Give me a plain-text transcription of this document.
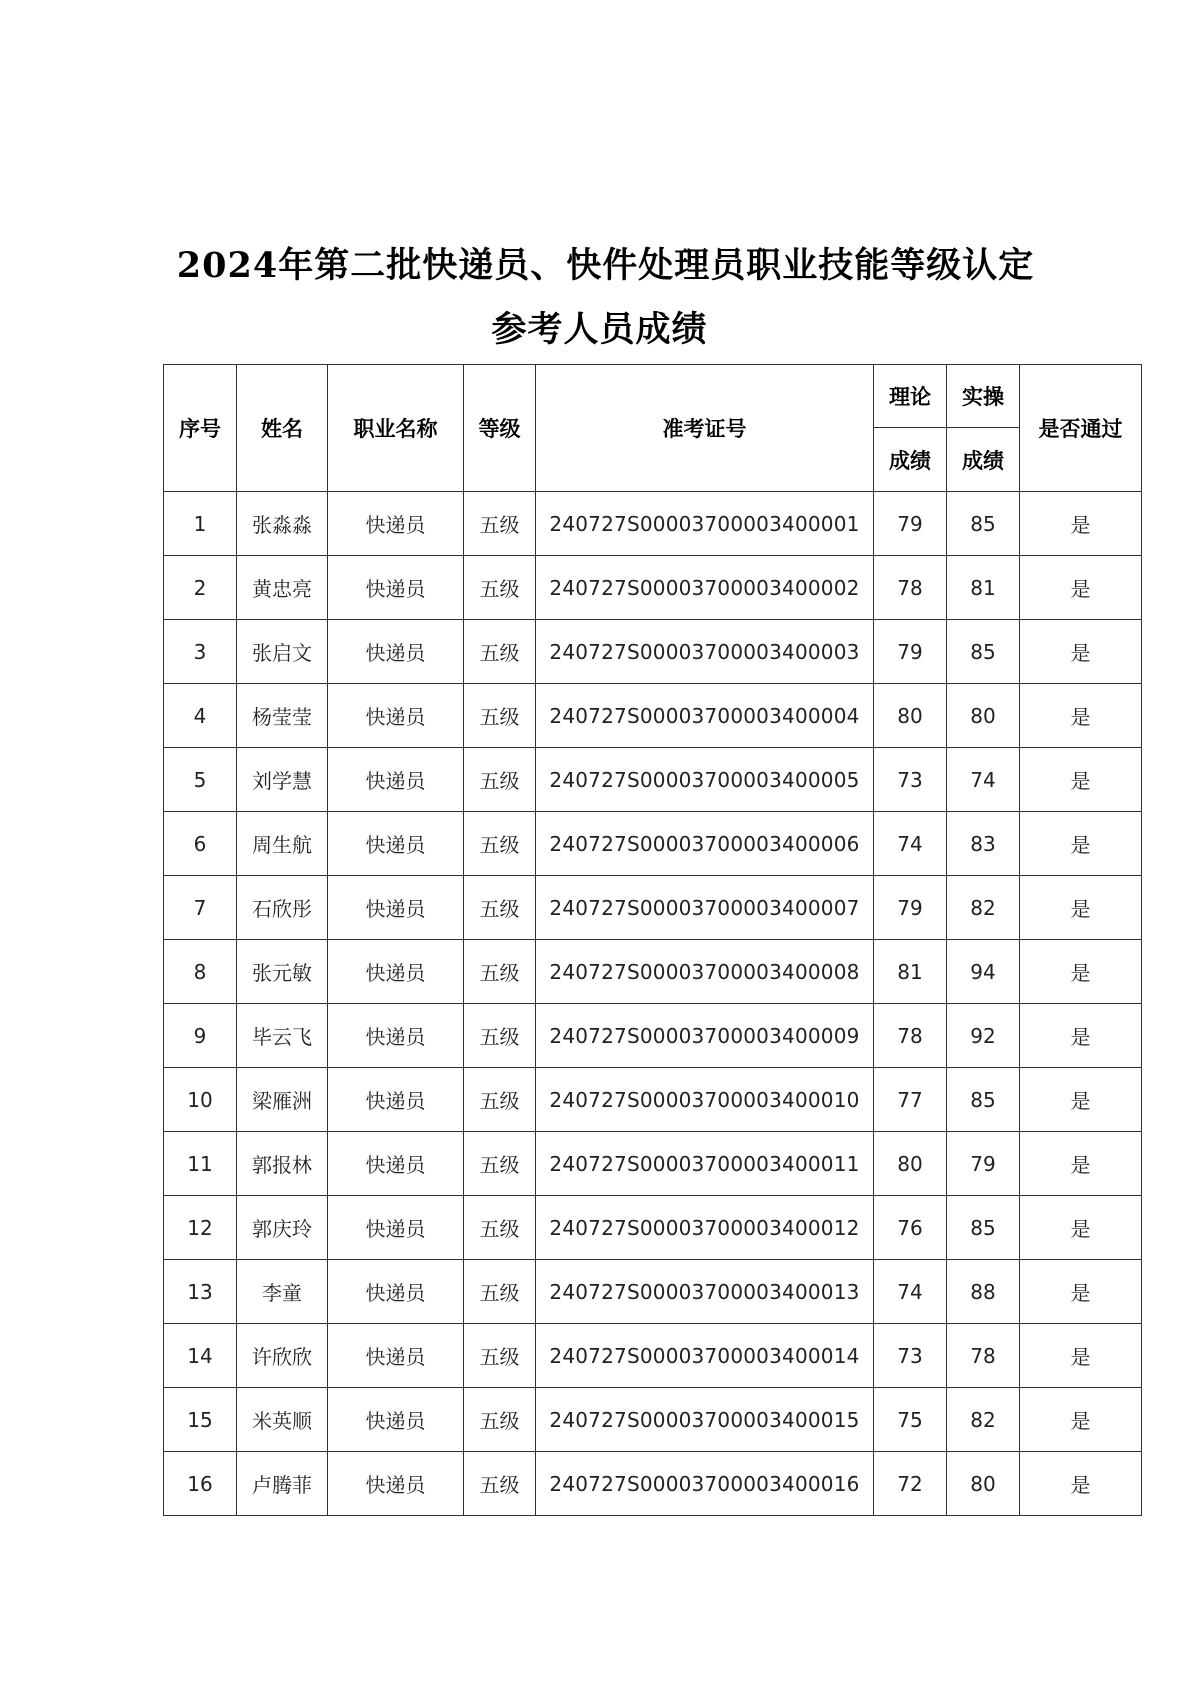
2024年第二批快递员、快件处理员职业技能等级认定
参考人员成绩
序号	姓名	职业名称	等级	准考证号	理论	实操	是否通过
					成绩	成绩	
1	张淼淼	快递员	五级	240727S00003700003400001	79	85	是
2	黄忠亮	快递员	五级	240727S00003700003400002	78	81	是
3	张启文	快递员	五级	240727S00003700003400003	79	85	是
4	杨莹莹	快递员	五级	240727S00003700003400004	80	80	是
5	刘学慧	快递员	五级	240727S00003700003400005	73	74	是
6	周生航	快递员	五级	240727S00003700003400006	74	83	是
7	石欣彤	快递员	五级	240727S00003700003400007	79	82	是
8	张元敏	快递员	五级	240727S00003700003400008	81	94	是
9	毕云飞	快递员	五级	240727S00003700003400009	78	92	是
10	梁雁洲	快递员	五级	240727S00003700003400010	77	85	是
11	郭报林	快递员	五级	240727S00003700003400011	80	79	是
12	郭庆玲	快递员	五级	240727S00003700003400012	76	85	是
13	李童	快递员	五级	240727S00003700003400013	74	88	是
14	许欣欣	快递员	五级	240727S00003700003400014	73	78	是
15	米英顺	快递员	五级	240727S00003700003400015	75	82	是
16	卢腾菲	快递员	五级	240727S00003700003400016	72	80	是
